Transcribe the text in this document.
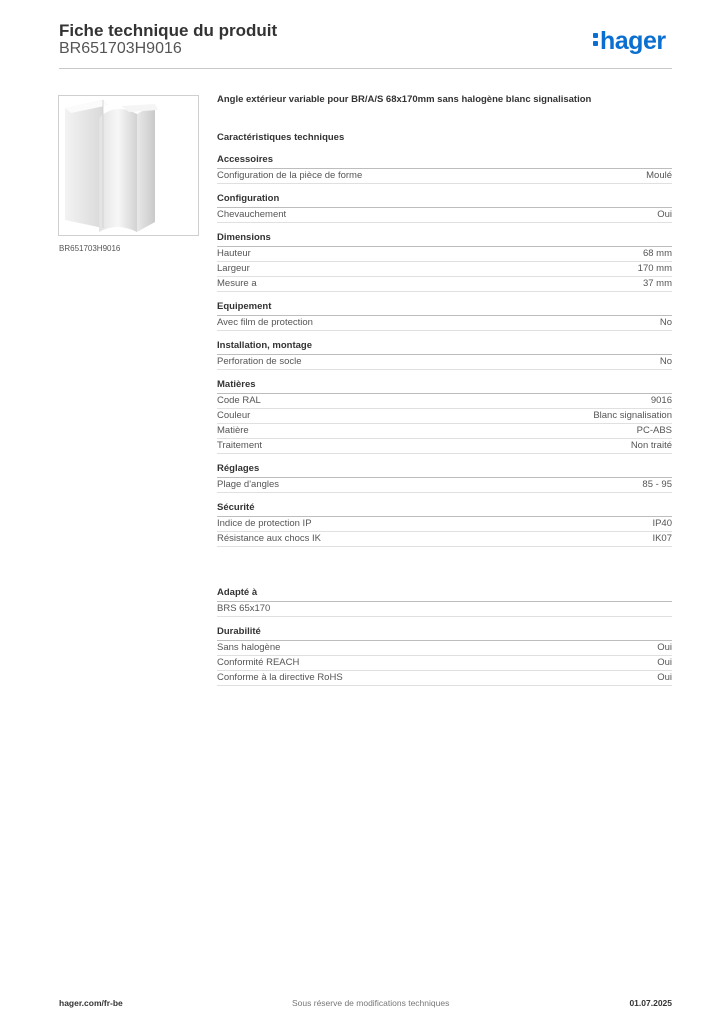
Fiche technique du produit
BR651703H9016	hager
BR651703H9016
Angle extérieur variable pour BR/A/S 68x170mm sans halogène blanc signalisation
Caractéristiques techniques
Accessoires
Configuration de la pièce de forme	Moulé
Configuration
Chevauchement	Oui
Dimensions
Hauteur	68 mm
Largeur	170 mm
Mesure a	37 mm
Equipement
Avec film de protection	No
Installation, montage
Perforation de socle	No
Matières
Code RAL	9016
Couleur	Blanc signalisation
Matière	PC-ABS
Traitement	Non traité
Réglages
Plage d'angles	85 - 95
Sécurité
Indice de protection IP	IP40
Résistance aux chocs IK	IK07
Adapté à
BRS 65x170
Durabilité
Sans halogène	Oui
Conformité REACH	Oui
Conforme à la directive RoHS	Oui
hager.com/fr-be	Sous réserve de modifications techniques	01.07.2025
